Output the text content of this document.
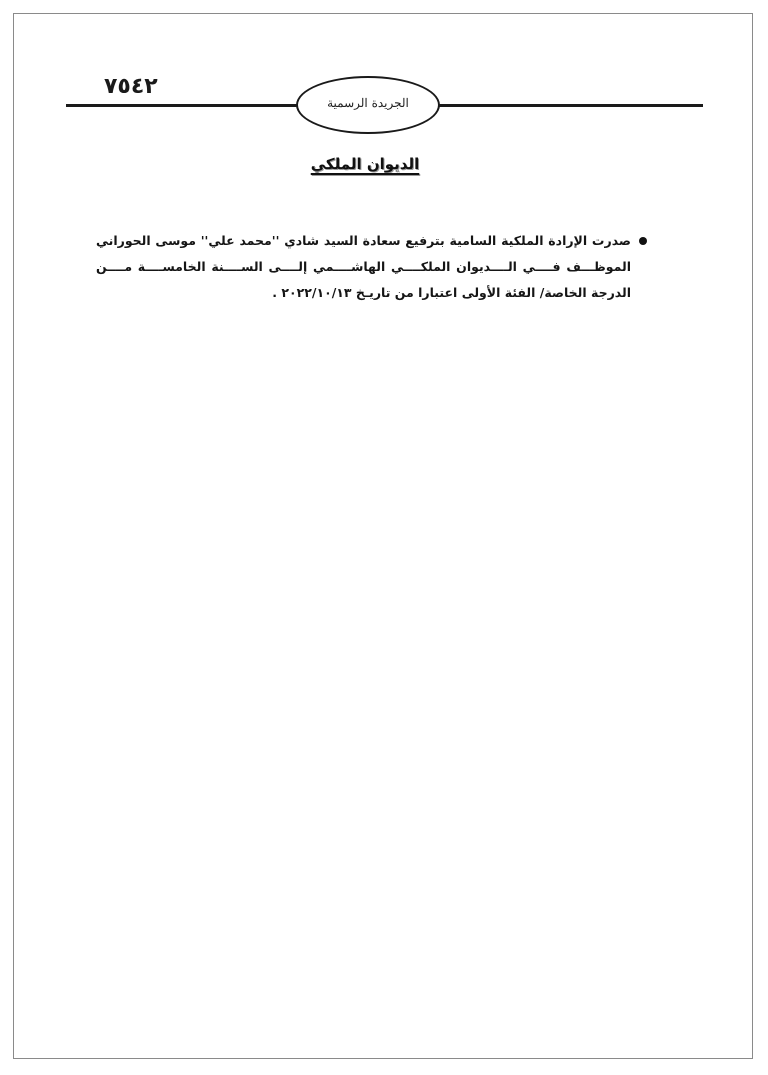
٧٥٤٢
الجريدة الرسمية
الديوان الملكي
صدرت الإرادة الملكية السامية بترفيع سعادة السيد شادي ''محمد علي'' موسى الحوراني
الموظـــف فــــي الــــديوان الملكــــي الهاشــــمي إلــــى الســــنة الخامســــة مــــن
الدرجة الخاصة/ الفئة الأولى اعتبارا من تاريـخ ٢٠٢٢/١٠/١٣ .
